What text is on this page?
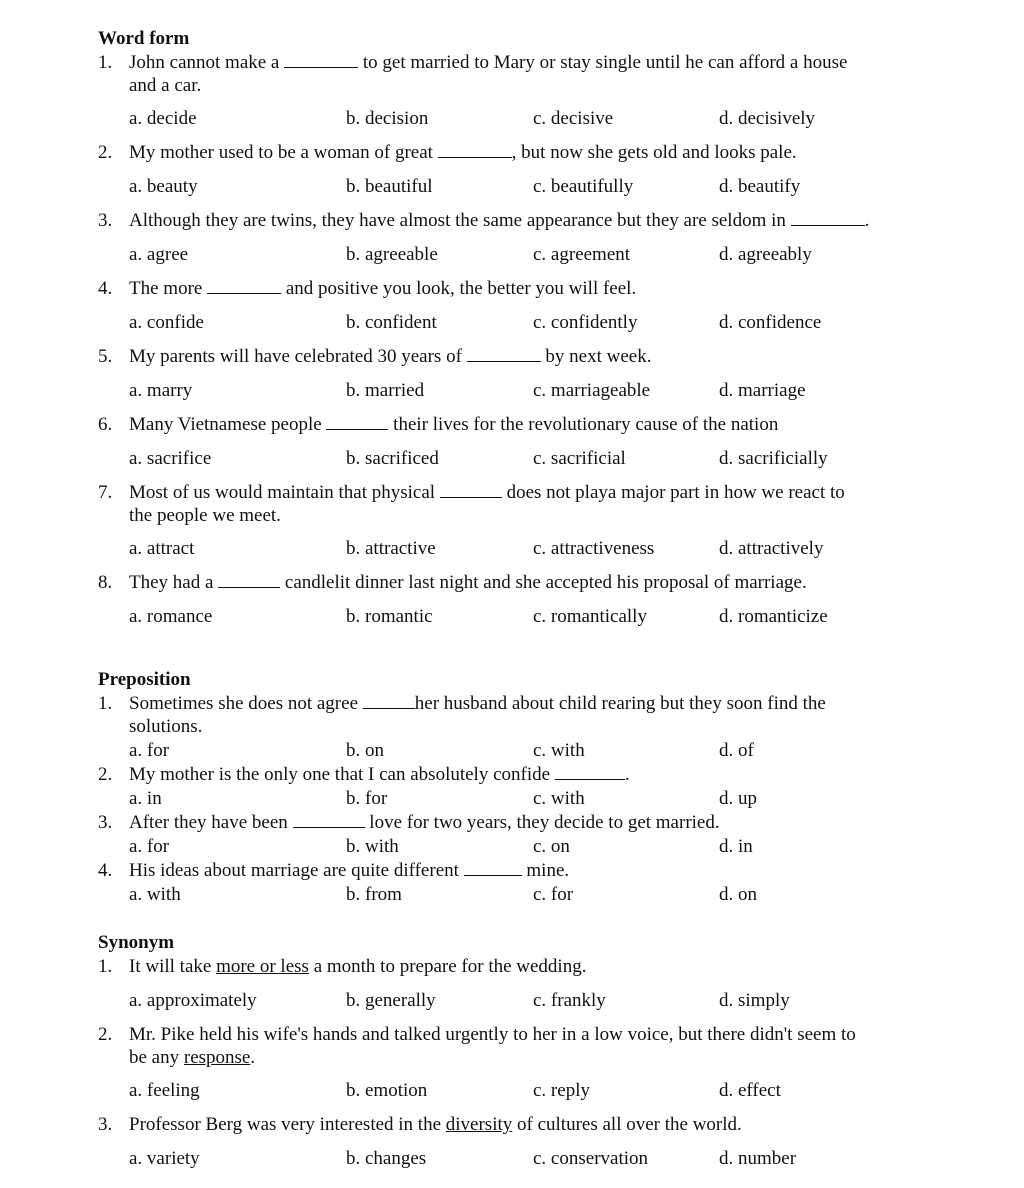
Word form
1. John cannot make a	to get married to Mary or stay single until he can afford a house
and a car.
a. decide	b. decision	c. decisive	d. decisively
2. My mother used to be a woman of great	, but now she gets old and looks pale.
a. beauty	b. beautiful	c. beautifully	d. beautify
3. Although they are twins, they have almost the same appearance but they are seldom in	.
a. agree	b. agreeable	c. agreement	d. agreeably
4. The more	and positive you look, the better you will feel.
a. confide	b. confident	c. confidently	d. confidence
5. My parents will have celebrated 30 years of	by next week.
a. marry	b. married	c. marriageable	d. marriage
6. Many Vietnamese people	their lives for the revolutionary cause of the nation
a. sacrifice	b. sacrificed	c. sacrificial	d. sacrificially
7. Most of us would maintain that physical	does not playa major part in how we react to
the people we meet.
a. attract	b. attractive	c. attractiveness	d. attractively
8. They had a	candlelit dinner last night and she accepted his proposal of marriage.
a. romance	b. romantic	c. romantically	d. romanticize
Preposition
1. Sometimes she does not agree	her husband about child rearing but they soon find the
solutions.
a. for	b. on	c. with	d. of
2. My mother is the only one that I can absolutely confide	.
a. in	b. for	c. with	d. up
3. After they have been	love for two years, they decide to get married.
a. for	b. with	c. on	d. in
4. His ideas about marriage are quite different	mine.
a. with	b. from	c. for	d. on
Synonym
1. It will take more or less a month to prepare for the wedding.
a. approximately	b. generally	c. frankly	d. simply
2. Mr. Pike held his wife's hands and talked urgently to her in a low voice, but there didn't seem to
be any response.
a. feeling	b. emotion	c. reply	d. effect
3. Professor Berg was very interested in the diversity of cultures all over the world.
a. variety	b. changes	c. conservation	d. number
